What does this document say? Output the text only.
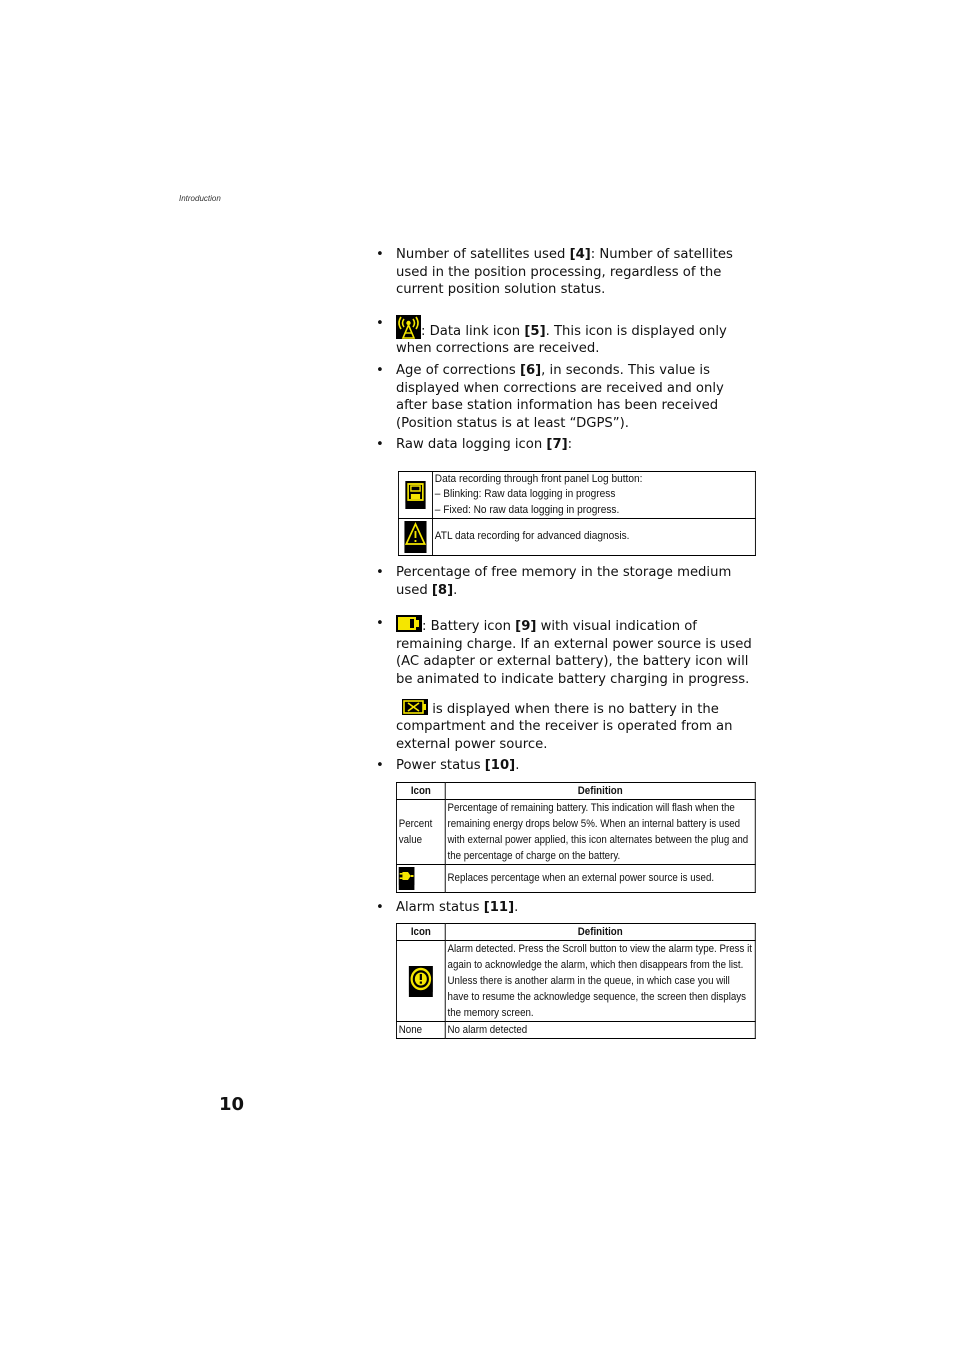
Introduction
• Number of satellites used [4]: Number of satellites used in the position processing, regardless of the current position solution status.
• : Data link icon [5]. This icon is displayed only when corrections are received.
• Age of corrections [6], in seconds. This value is displayed when corrections are received and only after base station information has been received (Position status is at least “DGPS”).
• Raw data logging icon [7]:

Data recording through front panel Log button:
– Blinking: Raw data logging in progress
– Fixed: No raw data logging in progress.

	ATL data recording for advanced diagnosis.
• Percentage of free memory in the storage medium used [8].
• : Battery icon [9] with visual indication of remaining charge. If an external power source is used (AC adapter or external battery), the battery icon will be animated to indicate battery charging in progress.
is displayed when there is no battery in the compartment and the receiver is operated from an external power source.
• Power status [10].
Icon	Definition
Percent value	Percentage of remaining battery. This indication will flash when the remaining energy drops below 5%. When an internal battery is used with external power applied, this icon alternates between the plug and the percentage of charge on the battery.
	Replaces percentage when an external power source is used.
• Alarm status [11].
Icon	Definition
	Alarm detected. Press the Scroll button to view the alarm type. Press it again to acknowledge the alarm, which then disappears from the list. Unless there is another alarm in the queue, in which case you will have to resume the acknowledge sequence, the screen then displays the memory screen.
None	No alarm detected
10
